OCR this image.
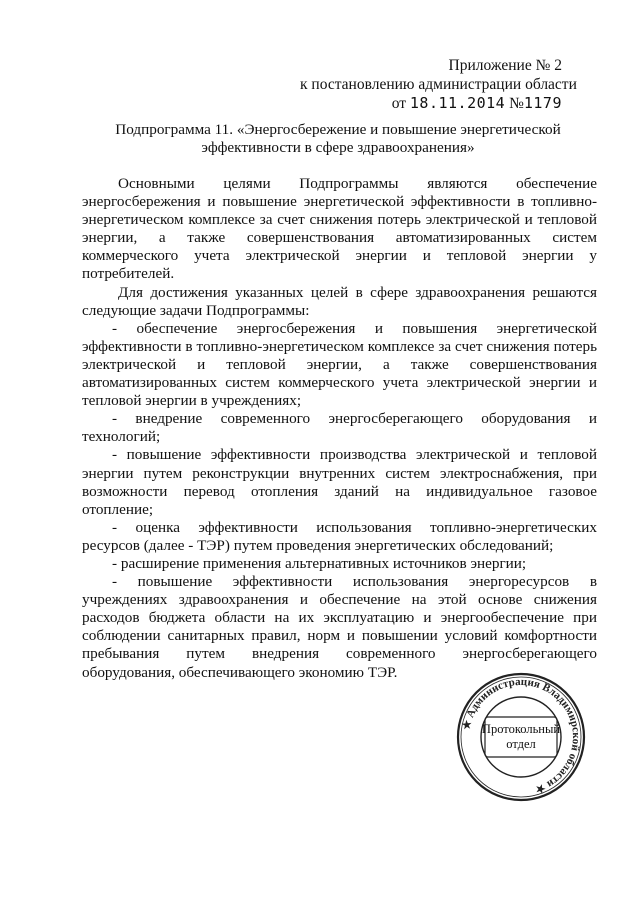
Приложение № 2
к постановлению администрации области
от 18.11.2014 №1179
Подпрограмма 11. «Энергосбережение и повышение энергетической
эффективности в сфере здравоохранения»

Основными целями Подпрограммы являются обеспечение энергосбережения и повышение энергетической эффективности в топливно-энергетическом комплексе за счет снижения потерь электрической и тепловой энергии, а также совершенствования автоматизированных систем коммерческого учета электрической энергии и тепловой энергии у потребителей.

Для достижения указанных целей в сфере здравоохранения решаются следующие задачи Подпрограммы:

- обеспечение энергосбережения и повышения энергетической эффективности в топливно-энергетическом комплексе за счет снижения потерь электрической и тепловой энергии, а также совершенствования автоматизированных систем коммерческого учета электрической энергии и тепловой энергии в учреждениях;

- внедрение современного энергосберегающего оборудования и технологий;

- повышение эффективности производства электрической и тепловой энергии путем реконструкции внутренних систем электроснабжения, при возможности перевод отопления зданий на индивидуальное газовое отопление;

- оценка эффективности использования топливно-энергетических ресурсов (далее - ТЭР) путем проведения энергетических обследований;

- расширение применения альтернативных источников энергии;

- повышение эффективности использования энергоресурсов в учреждениях здравоохранения и обеспечение на этой основе снижения расходов бюджета области на их эксплуатацию и энергообеспечение при соблюдении санитарных правил, норм и повышении условий комфортности пребывания путем внедрения современного энергосберегающего оборудования, обеспечивающего экономию ТЭР.

★ Администрация Владимирской области ★
Протокольный
отдел
